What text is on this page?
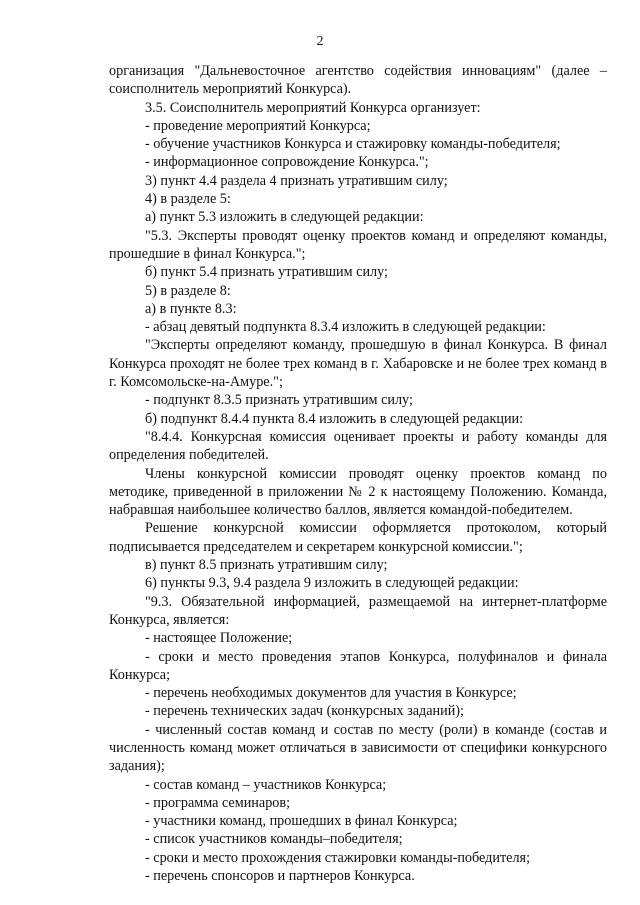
2

организация "Дальневосточное агентство содействия инновациям" (далее – соисполнитель мероприятий Конкурса).

3.5. Соисполнитель мероприятий Конкурса организует:

- проведение мероприятий Конкурса;

- обучение участников Конкурса и стажировку команды-победителя;

- информационное сопровождение Конкурса.";

3) пункт 4.4 раздела 4 признать утратившим силу;

4) в разделе 5:

а) пункт 5.3 изложить в следующей редакции:

"5.3. Эксперты проводят оценку проектов команд и определяют команды, прошедшие в финал Конкурса.";

б) пункт 5.4 признать утратившим силу;

5) в разделе 8:

а) в пункте 8.3:

- абзац девятый подпункта 8.3.4 изложить в следующей редакции:

"Эксперты определяют команду, прошедшую в финал Конкурса. В финал Конкурса проходят не более трех команд в г. Хабаровске и не более трех команд в г. Комсомольске-на-Амуре.";

- подпункт 8.3.5 признать утратившим силу;

б) подпункт 8.4.4 пункта 8.4 изложить в следующей редакции:

"8.4.4. Конкурсная комиссия оценивает проекты и работу команды для определения победителей.

Члены конкурсной комиссии проводят оценку проектов команд по методике, приведенной в приложении № 2 к настоящему Положению. Команда, набравшая наибольшее количество баллов, является командой-победителем.

Решение конкурсной комиссии оформляется протоколом, который подписывается председателем и секретарем конкурсной комиссии.";

в) пункт 8.5 признать утратившим силу;

6) пункты 9.3, 9.4 раздела 9 изложить в следующей редакции:

"9.3. Обязательной информацией, размещаемой на интернет-платформе Конкурса, является:

- настоящее Положение;

- сроки и место проведения этапов Конкурса, полуфиналов и финала Конкурса;

- перечень необходимых документов для участия в Конкурсе;

- перечень технических задач (конкурсных заданий);

- численный состав команд и состав по месту (роли) в команде (состав и численность команд может отличаться в зависимости от специфики конкурсного задания);

- состав команд – участников Конкурса;

- программа семинаров;

- участники команд, прошедших в финал Конкурса;

- список участников команды–победителя;

- сроки и место прохождения стажировки команды-победителя;

- перечень спонсоров и партнеров Конкурса.
